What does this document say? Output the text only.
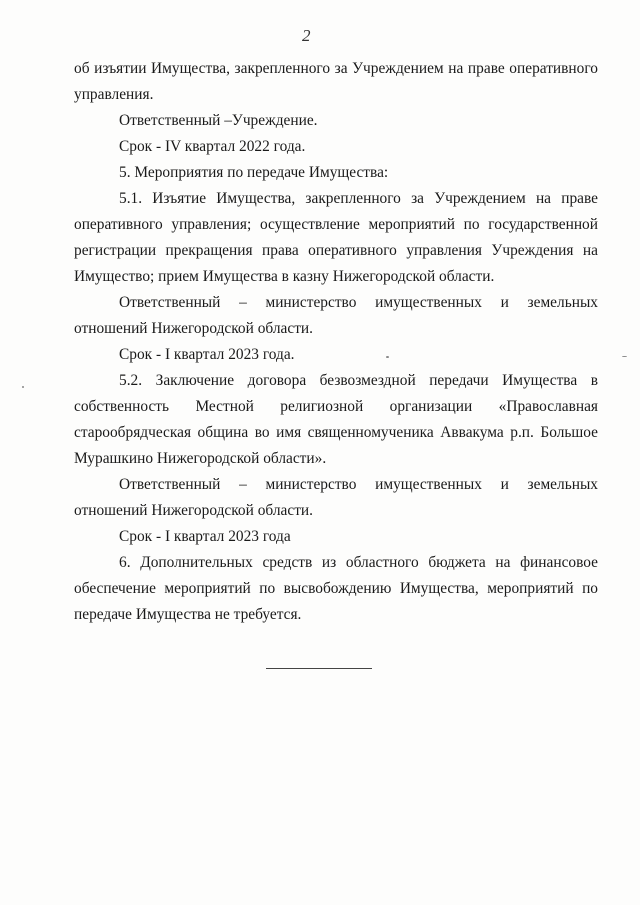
2

об изъятии Имущества, закрепленного за Учреждением на праве оперативного управления.

Ответственный –Учреждение.

Срок - IV квартал 2022 года.

5. Мероприятия по передаче Имущества:

5.1. Изъятие Имущества, закрепленного за Учреждением на праве оперативного управления; осуществление мероприятий по государственной регистрации прекращения права оперативного управления Учреждения на Имущество; прием Имущества в казну Нижегородской области.

Ответственный – министерство имущественных и земельных отношений Нижегородской области.

Срок - I квартал 2023 года.

5.2. Заключение договора безвозмездной передачи Имущества в собственность Местной религиозной организации «Православная старообрядческая община во имя священномученика Аввакума р.п. Большое Мурашкино Нижегородской области».

Ответственный – министерство имущественных и земельных отношений Нижегородской области.

Срок - I квартал 2023 года

6. Дополнительных средств из областного бюджета на финансовое обеспечение мероприятий по высвобождению Имущества, мероприятий по передаче Имущества не требуется.
